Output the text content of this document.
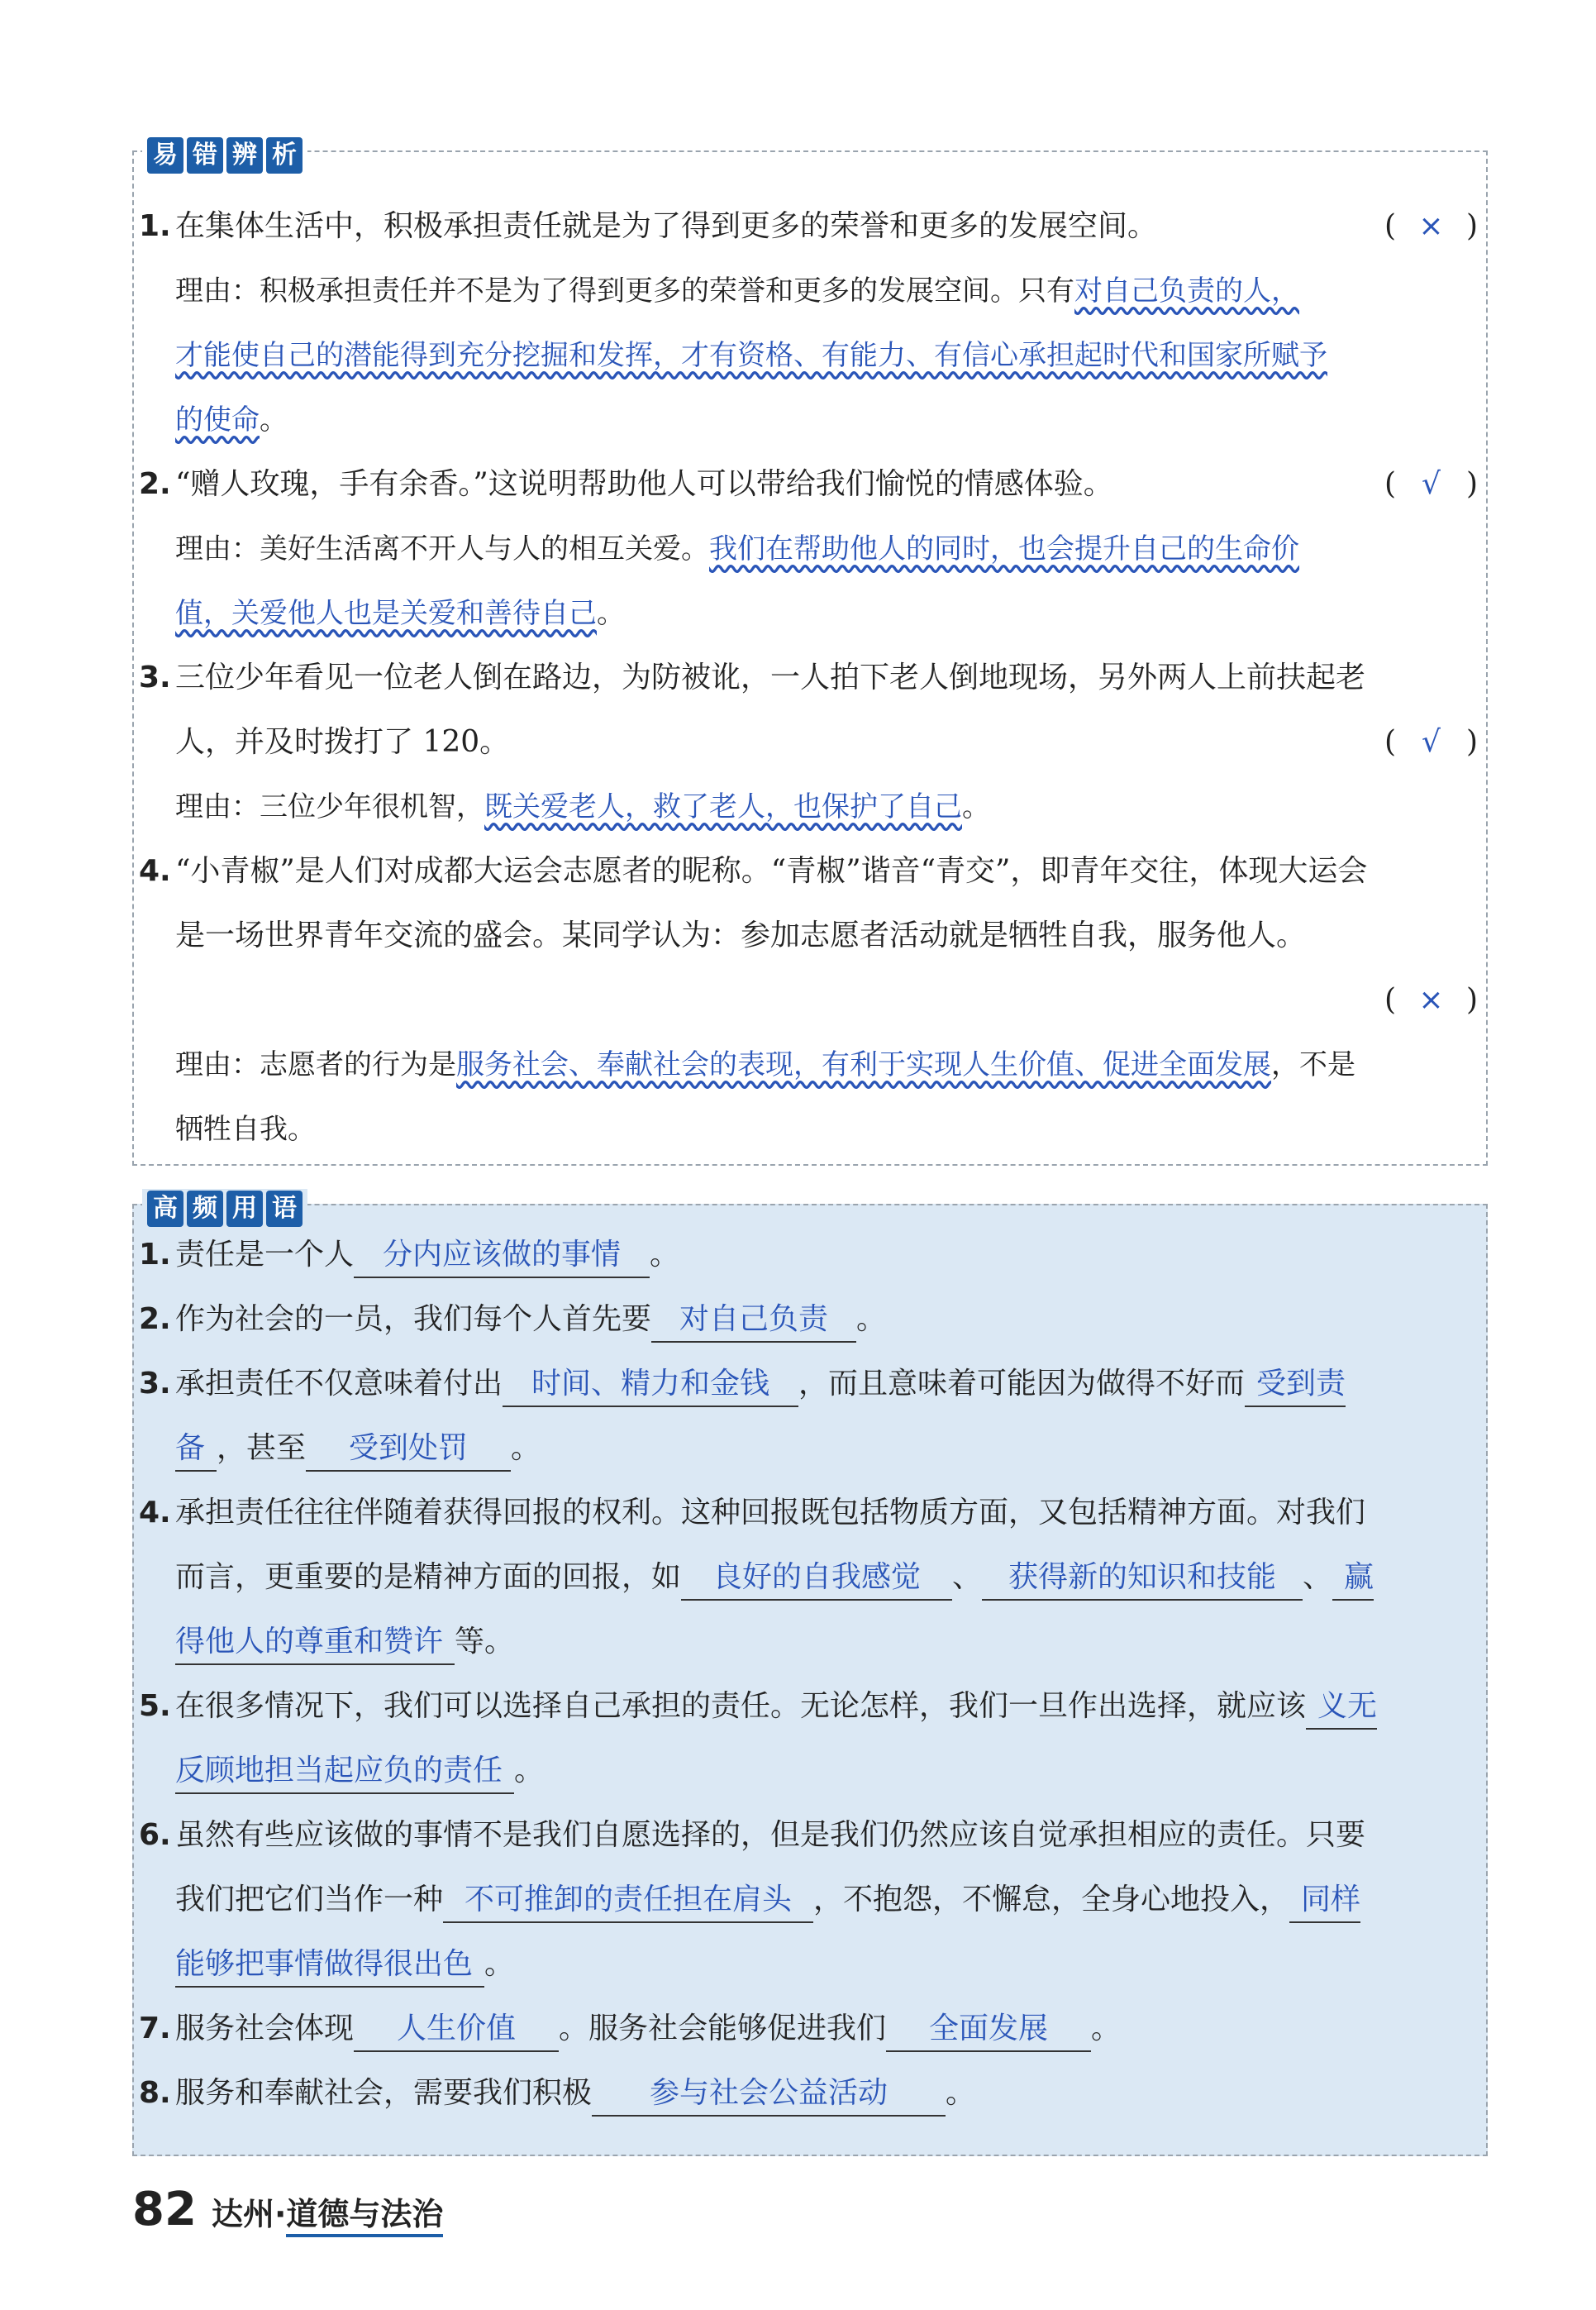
易 错 辨 析
1. 在集体生活中，积极承担责任就是为了得到更多的荣誉和更多的发展空间。	( × )
理由：积极承担责任并不是为了得到更多的荣誉和更多的发展空间。只有对自己负责的人，
才能使自己的潜能得到充分挖掘和发挥，才有资格、有能力、有信心承担起时代和国家所赋予
的使命。
2. “赠人玫瑰，手有余香。”这说明帮助他人可以带给我们愉悦的情感体验。	( √ )
理由：美好生活离不开人与人的相互关爱。我们在帮助他人的同时，也会提升自己的生命价
值，关爱他人也是关爱和善待自己。
3. 三位少年看见一位老人倒在路边，为防被讹，一人拍下老人倒地现场，另外两人上前扶起老
人，并及时拨打了 120。	( √ )
理由：三位少年很机智，既关爱老人，救了老人，也保护了自己。
4. “小青椒”是人们对成都大运会志愿者的昵称。“青椒”谐音“青交”，即青年交往，体现大运会
是一场世界青年交流的盛会。某同学认为：参加志愿者活动就是牺牲自我，服务他人。
( × )
理由：志愿者的行为是服务社会、奉献社会的表现，有利于实现人生价值、促进全面发展，不是
牺牲自我。
高 频 用 语
1. 责任是一个人 分内应该做的事情 。
2. 作为社会的一员，我们每个人首先要 对自己负责 。
3. 承担责任不仅意味着付出 时间、精力和金钱 ，而且意味着可能因为做得不好而 受到责
备 ，甚至 受到处罚 。
4. 承担责任往往伴随着获得回报的权利。这种回报既包括物质方面，又包括精神方面。对我们
而言，更重要的是精神方面的回报，如 良好的自我感觉 、 获得新的知识和技能 、 赢
得他人的尊重和赞许 等。
5. 在很多情况下，我们可以选择自己承担的责任。无论怎样，我们一旦作出选择，就应该 义无
反顾地担当起应负的责任 。
6. 虽然有些应该做的事情不是我们自愿选择的，但是我们仍然应该自觉承担相应的责任。只要
我们把它们当作一种 不可推卸的责任担在肩头 ，不抱怨，不懈怠，全身心地投入， 同样
能够把事情做得很出色 。
7. 服务社会体现 人生价值 。服务社会能够促进我们 全面发展 。
8. 服务和奉献社会，需要我们积极 参与社会公益活动 。
82 达州·道德与法治
